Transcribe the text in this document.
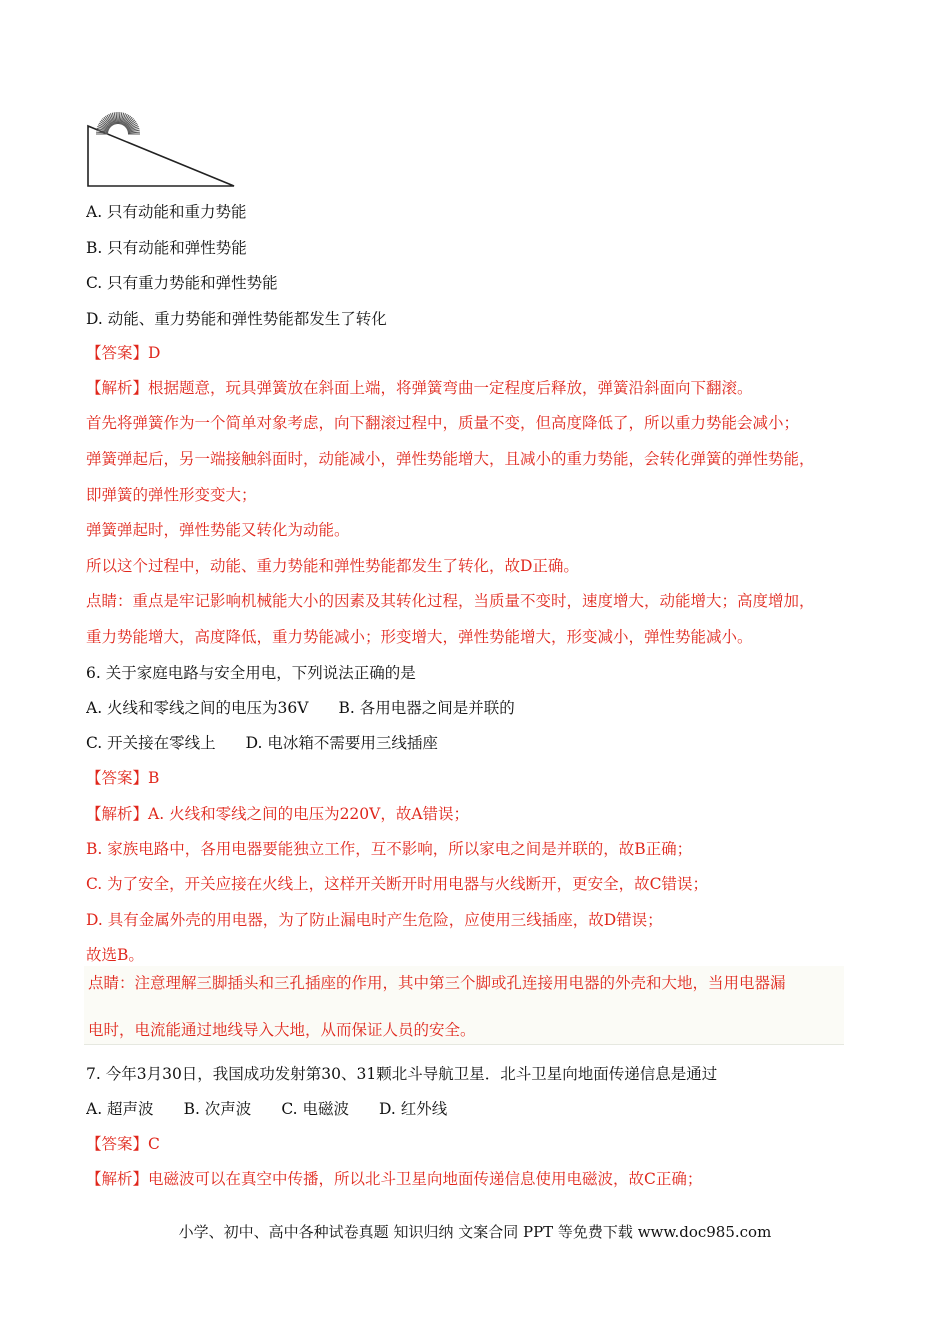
A. 只有动能和重力势能
B. 只有动能和弹性势能
C. 只有重力势能和弹性势能
D. 动能、重力势能和弹性势能都发生了转化
【答案】D
【解析】根据题意，玩具弹簧放在斜面上端，将弹簧弯曲一定程度后释放，弹簧沿斜面向下翻滚。
首先将弹簧作为一个简单对象考虑，向下翻滚过程中，质量不变，但高度降低了，所以重力势能会减小；
弹簧弹起后，另一端接触斜面时，动能减小，弹性势能增大，且减小的重力势能，会转化弹簧的弹性势能，
即弹簧的弹性形变变大；
弹簧弹起时，弹性势能又转化为动能。
所以这个过程中，动能、重力势能和弹性势能都发生了转化，故D正确。
点睛：重点是牢记影响机械能大小的因素及其转化过程，当质量不变时，速度增大，动能增大；高度增加，
重力势能增大，高度降低，重力势能减小；形变增大，弹性势能增大，形变减小，弹性势能减小。
6. 关于家庭电路与安全用电，下列说法正确的是
A. 火线和零线之间的电压为36V B. 各用电器之间是并联的
C. 开关接在零线上 D. 电冰箱不需要用三线插座
【答案】B
【解析】A. 火线和零线之间的电压为220V，故A错误；
B. 家族电路中，各用电器要能独立工作，互不影响，所以家电之间是并联的，故B正确；
C. 为了安全，开关应接在火线上，这样开关断开时用电器与火线断开，更安全，故C错误；
D. 具有金属外壳的用电器，为了防止漏电时产生危险，应使用三线插座，故D错误；
故选B。
点睛：注意理解三脚插头和三孔插座的作用，其中第三个脚或孔连接用电器的外壳和大地，当用电器漏
电时，电流能通过地线导入大地，从而保证人员的安全。
7. 今年3月30日，我国成功发射第30、31颗北斗导航卫星．北斗卫星向地面传递信息是通过
A. 超声波 B. 次声波 C. 电磁波 D. 红外线
【答案】C
【解析】电磁波可以在真空中传播，所以北斗卫星向地面传递信息使用电磁波，故C正确；
小学、初中、高中各种试卷真题 知识归纳 文案合同 PPT 等免费下载 www.doc985.com
